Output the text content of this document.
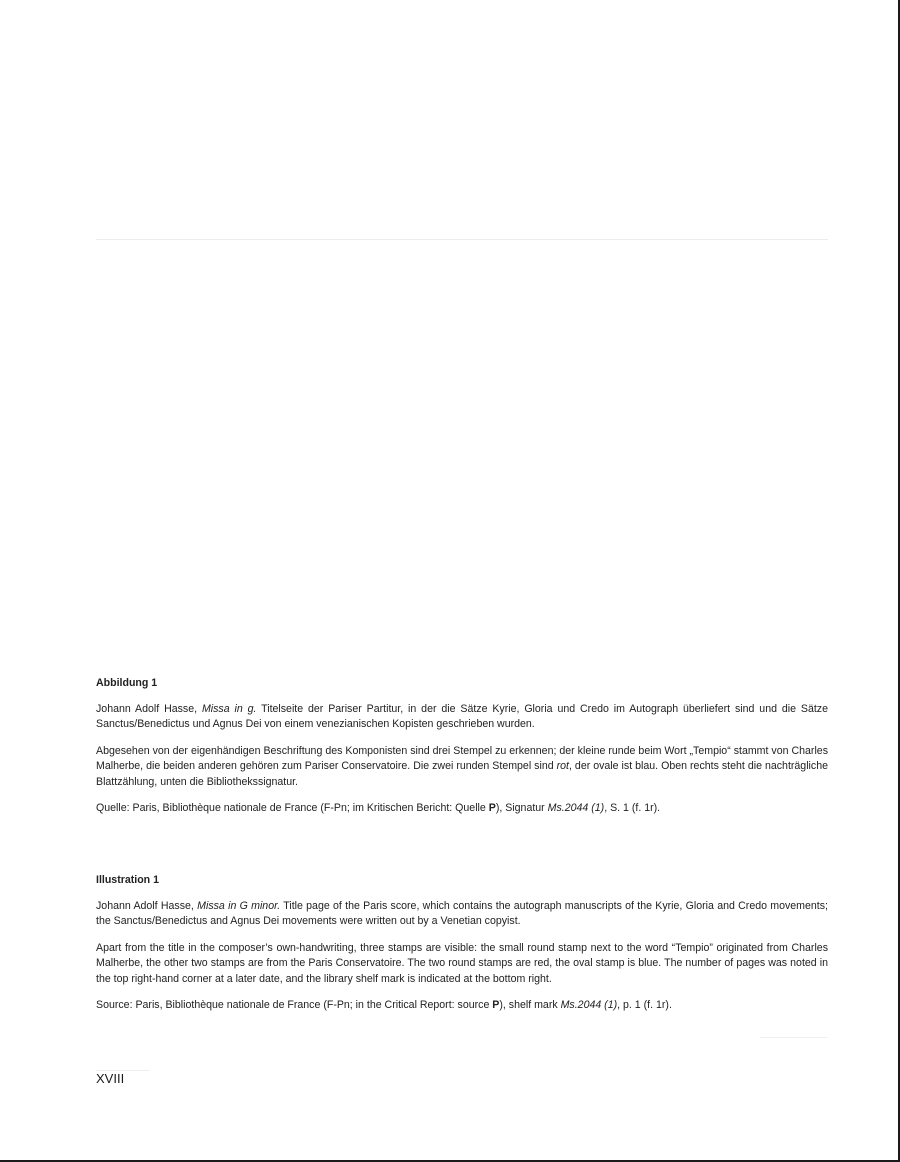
Abbildung 1

Johann Adolf Hasse, Missa in g. Titelseite der Pariser Partitur, in der die Sätze Kyrie, Gloria und Credo im Autograph überliefert sind und die Sätze Sanctus/Benedictus und Agnus Dei von einem venezianischen Kopisten geschrieben wurden.

Abgesehen von der eigenhändigen Beschriftung des Komponisten sind drei Stempel zu erkennen; der kleine runde beim Wort „Tempio“ stammt von Charles Malherbe, die beiden anderen gehören zum Pariser Conservatoire. Die zwei runden Stempel sind rot, der ovale ist blau. Oben rechts steht die nachträgliche Blattzählung, unten die Bibliothekssignatur.

Quelle: Paris, Bibliothèque nationale de France (F-Pn; im Kritischen Bericht: Quelle P), Signatur Ms.2044 (1), S. 1 (f. 1r).

Illustration 1

Johann Adolf Hasse, Missa in G minor. Title page of the Paris score, which contains the autograph manuscripts of the Kyrie, Gloria and Credo movements; the Sanctus/Benedictus and Agnus Dei movements were written out by a Venetian copyist.

Apart from the title in the composer’s own-handwriting, three stamps are visible: the small round stamp next to the word “Tempio” originated from Charles Malherbe, the other two stamps are from the Paris Conservatoire. The two round stamps are red, the oval stamp is blue. The number of pages was noted in the top right-hand corner at a later date, and the library shelf mark is indicated at the bottom right.

Source: Paris, Bibliothèque nationale de France (F-Pn; in the Critical Report: source P), shelf mark Ms.2044 (1), p. 1 (f. 1r).

XVIII
